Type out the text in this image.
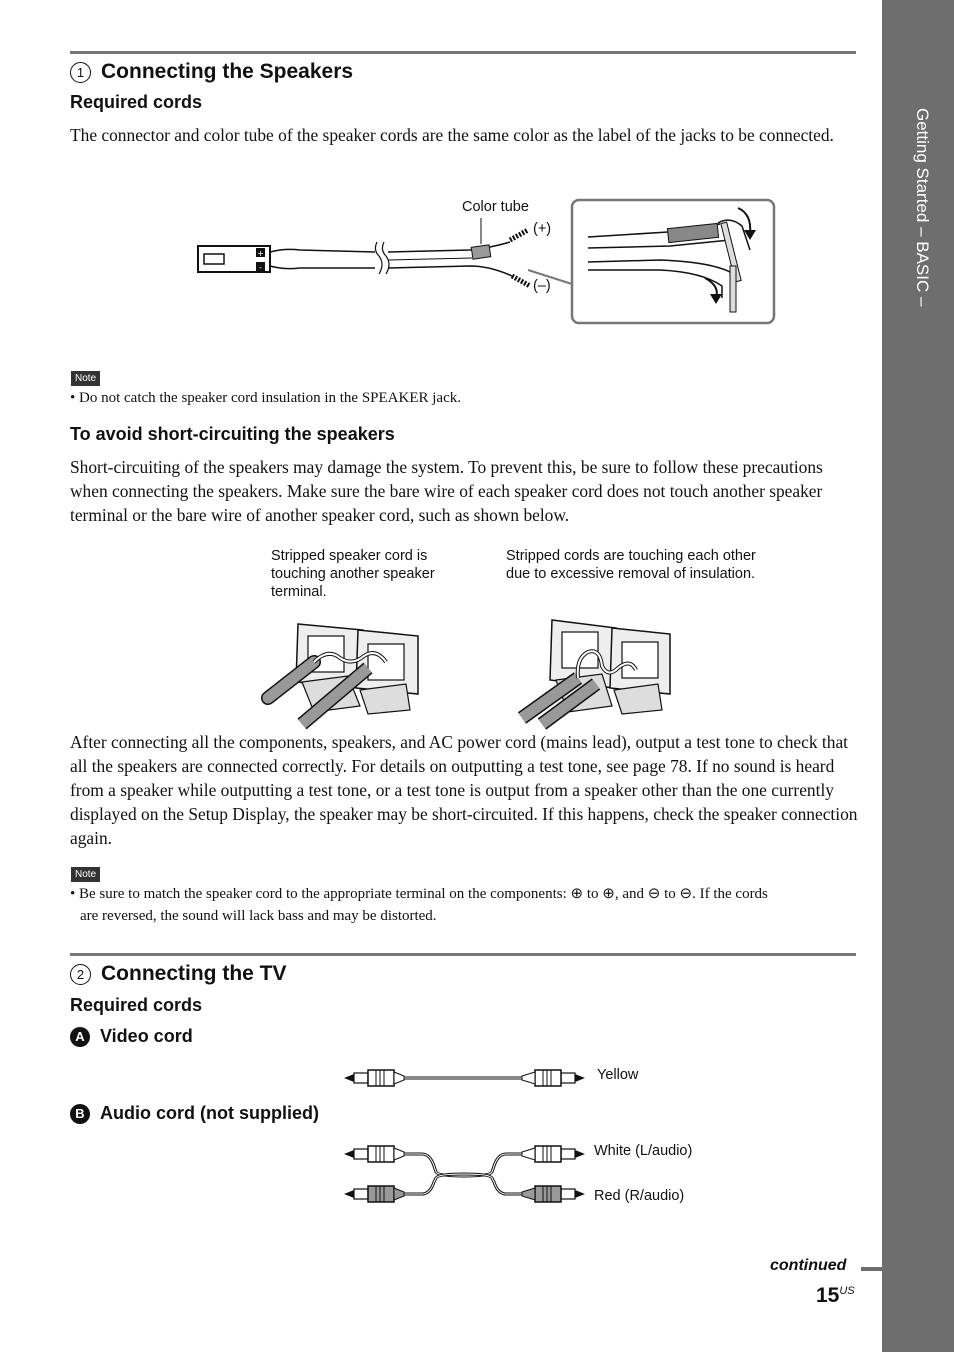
Getting Started – BASIC –
1 Connecting the Speakers
Required cords
The connector and color tube of the speaker cords are the same color as the label of the jacks to be connected.
+
-
Color tube
(+)
(–)
Note
• Do not catch the speaker cord insulation in the SPEAKER jack.
To avoid short-circuiting the speakers
Short-circuiting of the speakers may damage the system. To prevent this, be sure to follow these precautions when connecting the speakers. Make sure the bare wire of each speaker cord does not touch another speaker terminal or the bare wire of another speaker cord, such as shown below.
Stripped speaker cord is touching another speaker terminal.
Stripped cords are touching each other due to excessive removal of insulation.
After connecting all the components, speakers, and AC power cord (mains lead), output a test tone to check that all the speakers are connected correctly. For details on outputting a test tone, see page 78. If no sound is heard from a speaker while outputting a test tone, or a test tone is output from a speaker other than the one currently displayed on the Setup Display, the speaker may be short-circuited. If this happens, check the speaker connection again.
Note
• Be sure to match the speaker cord to the appropriate terminal on the components: ⊕ to ⊕, and ⊖ to ⊖. If the cords
are reversed, the sound will lack bass and may be distorted.
2 Connecting the TV
Required cords
A Video cord
Yellow
B Audio cord (not supplied)
White (L/audio)
Red (R/audio)
continued
$15^{US}$
